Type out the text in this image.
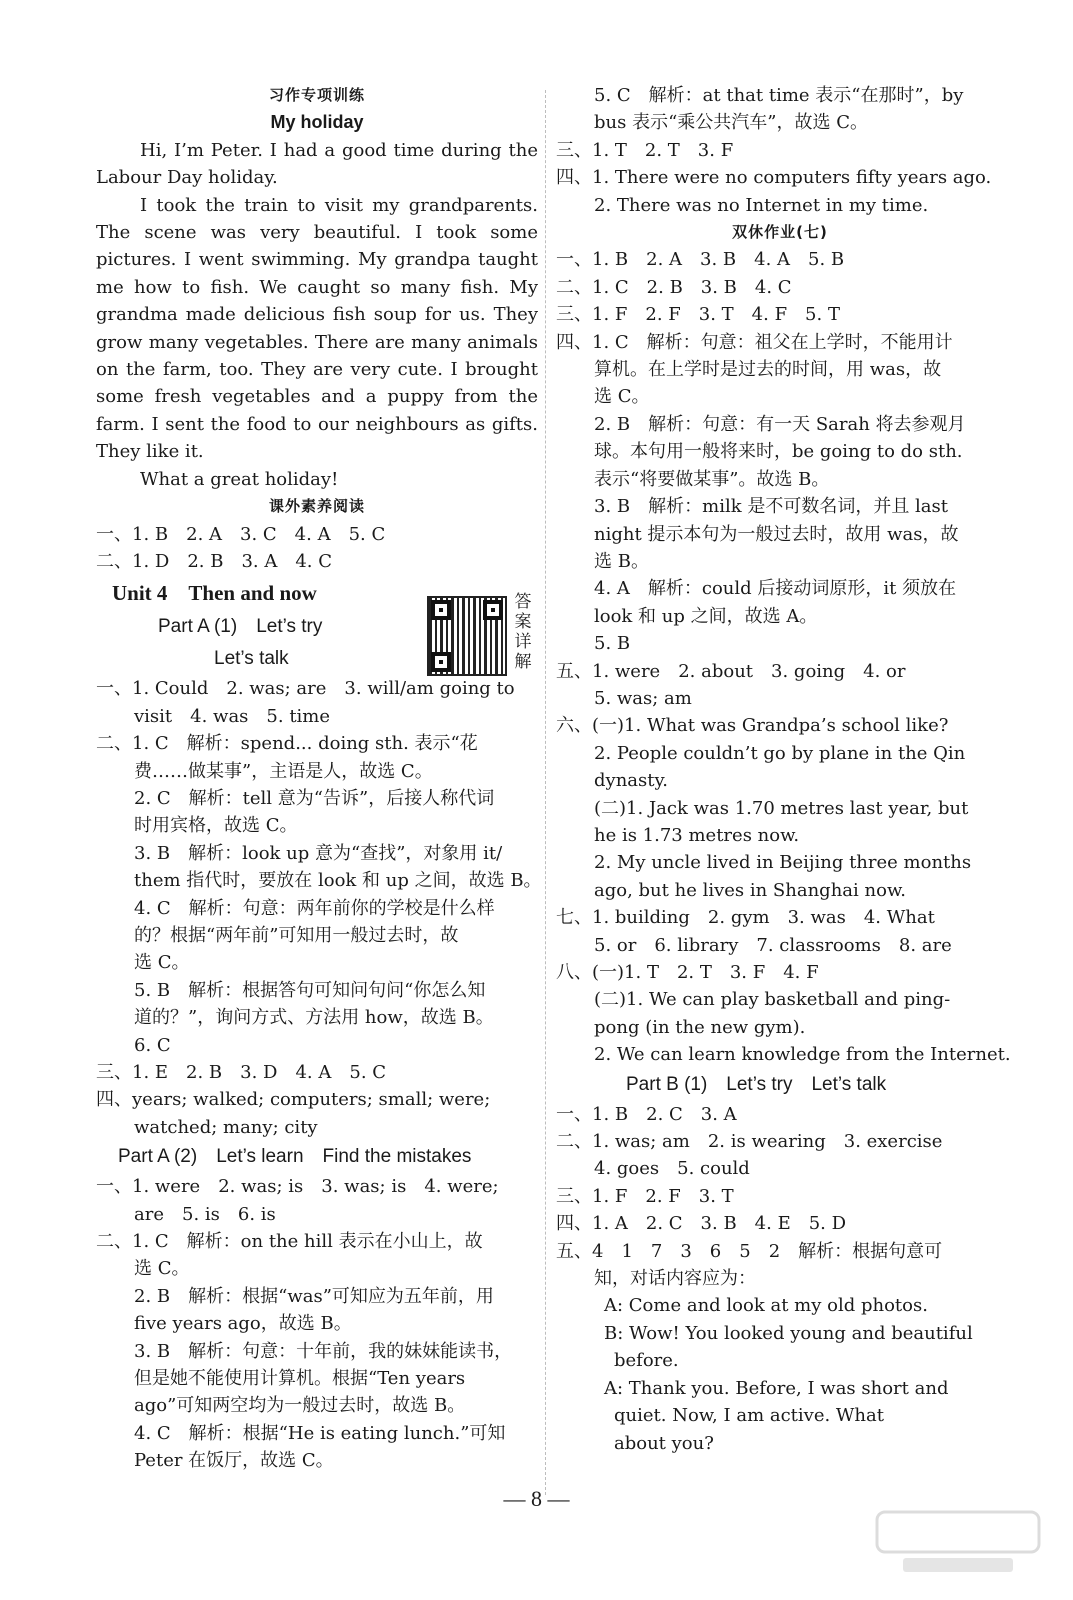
习作专项训练
My holiday
Hi, I’m Peter. I had a good time during the
Labour Day holiday.
I took the train to visit my grandparents.
The scene was very beautiful. I took some
pictures. I went swimming. My grandpa taught
me how to fish. We caught so many fish. My
grandma made delicious fish soup for us. They
grow many vegetables. There are many animals
on the farm, too. They are very cute. I brought
some fresh vegetables and a puppy from the
farm. I sent the food to our neighbours as gifts.
They like it.
What a great holiday!
课外素养阅读
一、1. B　2. A　3. C　4. A　5. C
二、1. D　2. B　3. A　4. C
Unit 4　Then and now
Part A (1)　Let’s try
Let’s talk
一、1. Could　2. was; are　3. will/am going to
visit　4. was　5. time
二、1. C　解析：spend... doing sth. 表示“花
费……做某事”，主语是人，故选 C。
2. C　解析：tell 意为“告诉”，后接人称代词
时用宾格，故选 C。
3. B　解析：look up 意为“查找”，对象用 it/
them 指代时，要放在 look 和 up 之间，故选 B。
4. C　解析：句意：两年前你的学校是什么样
的？根据“两年前”可知用一般过去时，故
选 C。
5. B　解析：根据答句可知问句问“你怎么知
道的？”，询问方式、方法用 how，故选 B。
6. C
三、1. E　2. B　3. D　4. A　5. C
四、years; walked; computers; small; were;
watched; many; city
Part A (2)　Let’s learn　Find the mistakes
一、1. were　2. was; is　3. was; is　4. were;
are　5. is　6. is
二、1. C　解析：on the hill 表示在小山上，故
选 C。
2. B　解析：根据“was”可知应为五年前，用
five years ago，故选 B。
3. B　解析：句意：十年前，我的妹妹能读书，
但是她不能使用计算机。根据“Ten years
ago”可知两空均为一般过去时，故选 B。
4. C　解析：根据“He is eating lunch.”可知
Peter 在饭厅，故选 C。
答
案
详
解
5. C　解析：at that time 表示“在那时”，by
bus 表示“乘公共汽车”，故选 C。
三、1. T　2. T　3. F
四、1. There were no computers fifty years ago.
2. There was no Internet in my time.
双休作业(七)
一、1. B　2. A　3. B　4. A　5. B
二、1. C　2. B　3. B　4. C
三、1. F　2. F　3. T　4. F　5. T
四、1. C　解析：句意：祖父在上学时，不能用计
算机。在上学时是过去的时间，用 was，故
选 C。
2. B　解析：句意：有一天 Sarah 将去参观月
球。本句用一般将来时，be going to do sth.
表示“将要做某事”。故选 B。
3. B　解析：milk 是不可数名词，并且 last
night 提示本句为一般过去时，故用 was，故
选 B。
4. A　解析：could 后接动词原形，it 须放在
look 和 up 之间，故选 A。
5. B
五、1. were　2. about　3. going　4. or
5. was; am
六、(一)1. What was Grandpa’s school like?
2. People couldn’t go by plane in the Qin
dynasty.
(二)1. Jack was 1.70 metres last year, but
he is 1.73 metres now.
2. My uncle lived in Beijing three months
ago, but he lives in Shanghai now.
七、1. building　2. gym　3. was　4. What
5. or　6. library　7. classrooms　8. are
八、(一)1. T　2. T　3. F　4. F
(二)1. We can play basketball and ping-
pong (in the new gym).
2. We can learn knowledge from the Internet.
Part B (1)　Let’s try　Let’s talk
一、1. B　2. C　3. A
二、1. was; am　2. is wearing　3. exercise
4. goes　5. could
三、1. F　2. F　3. T
四、1. A　2. C　3. B　4. E　5. D
五、4　1　7　3　6　5　2　解析：根据句意可
知，对话内容应为：
A: Come and look at my old photos.
B: Wow! You looked young and beautiful
before.
A: Thank you. Before, I was short and
quiet. Now, I am active. What
about you?
— 8 —
